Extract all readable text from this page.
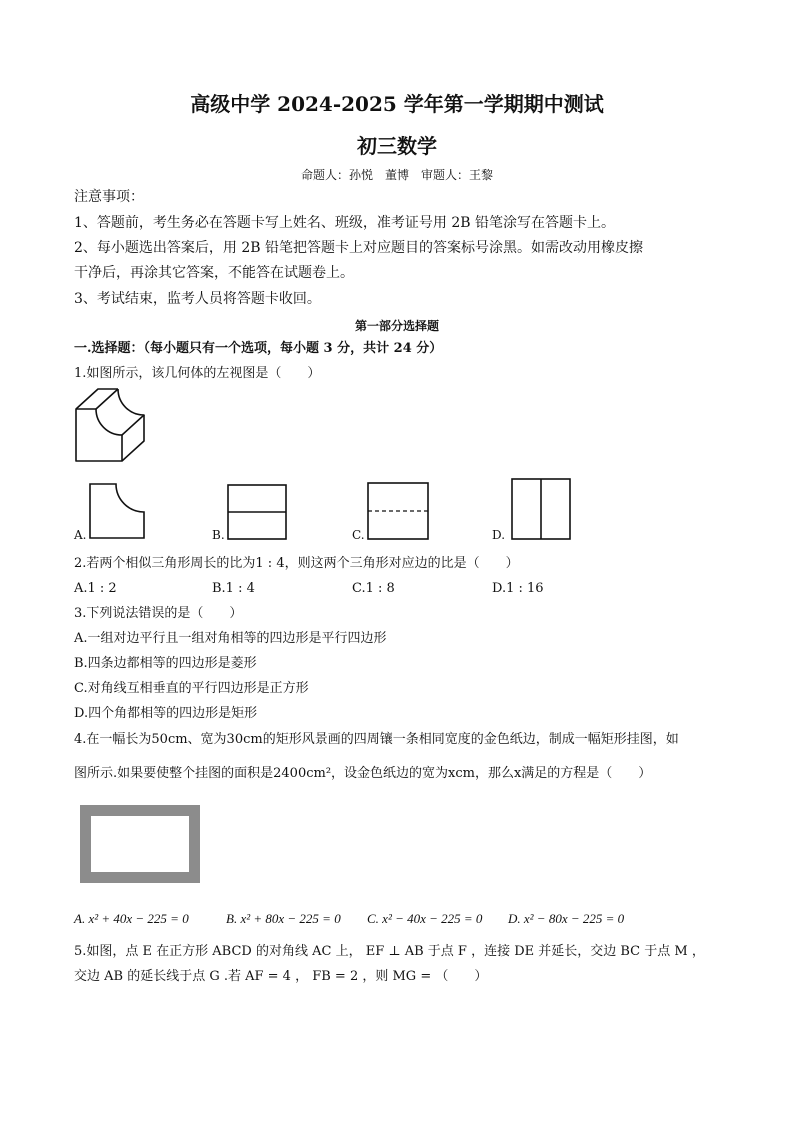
高级中学 2024-2025 学年第一学期期中测试
初三数学
命题人：孙悦　董博　审题人：王黎
注意事项：
1、答题前，考生务必在答题卡写上姓名、班级，准考证号用 2B 铅笔涂写在答题卡上。
2、每小题选出答案后，用 2B 铅笔把答题卡上对应题目的答案标号涂黑。如需改动用橡皮擦
干净后，再涂其它答案，不能答在试题卷上。
3、考试结束，监考人员将答题卡收回。
第一部分选择题
一.选择题：（每小题只有一个选项，每小题 3 分，共计 24 分）
1.如图所示，该几何体的左视图是（　　）
A.	B.	C.	D.
2.若两个相似三角形周长的比为1 : 4，则这两个三角形对应边的比是（　　）
A.1 : 2	B.1 : 4	C.1 : 8	D.1 : 16
3.下列说法错误的是（　　）
A.一组对边平行且一组对角相等的四边形是平行四边形
B.四条边都相等的四边形是菱形
C.对角线互相垂直的平行四边形是正方形
D.四个角都相等的四边形是矩形
4.在一幅长为50cm、宽为30cm的矩形风景画的四周镶一条相同宽度的金色纸边，制成一幅矩形挂图，如
图所示.如果要使整个挂图的面积是2400cm²，设金色纸边的宽为xcm，那么x满足的方程是（　　）
A. x² + 40x − 225 = 0	B. x² + 80x − 225 = 0 C. x² − 40x − 225 = 0 D. x² − 80x − 225 = 0
5.如图，点 E 在正方形 ABCD 的对角线 AC 上， EF ⊥ AB 于点 F ，连接 DE 并延长，交边 BC 于点 M ，
交边 AB 的延长线于点 G .若 AF = 4 ， FB = 2 ，则 MG = （　　）
